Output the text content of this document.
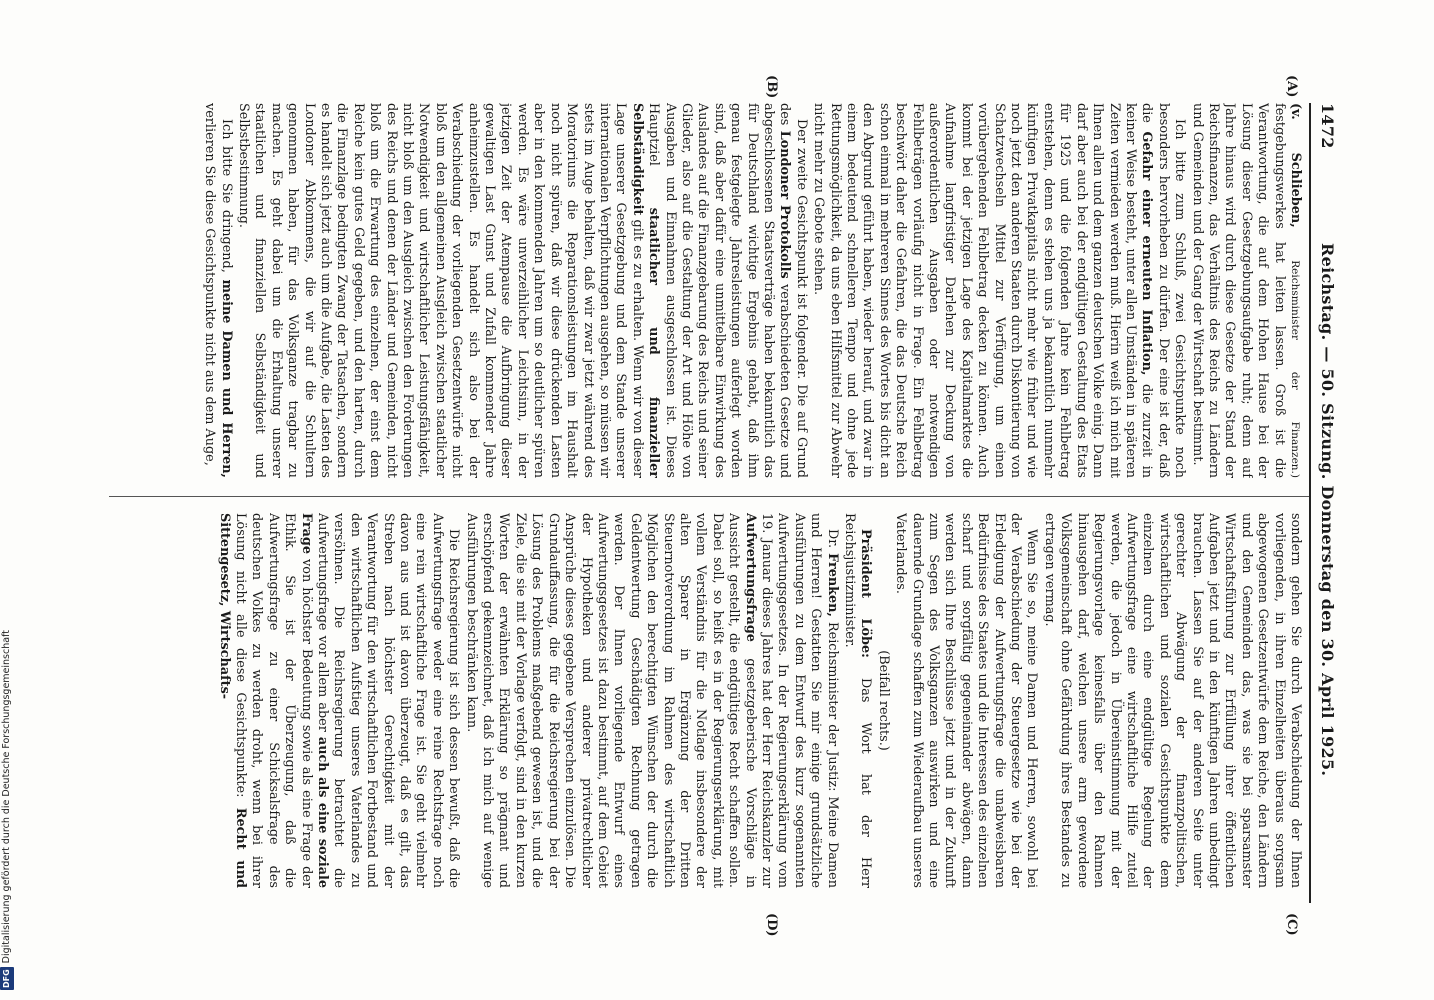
1472
Reichstag. — 50. Sitzung. Donnerstag den 30. April 1925.
(A)
(B)
(C)
(D)

(v. Schlieben, Reichsminister der Finanzen.) festgebungswerkes hat leiten lassen. Groß ist die Verantwortung, die auf dem Hohen Hause bei der Lösung dieser Gesetzgebungsaufgabe ruht; denn auf Jahre hinaus wird durch diese Gesetze der Stand der Reichsfinanzen, das Verhältnis des Reichs zu Ländern und Gemeinden und der Gang der Wirtschaft bestimmt.

Ich bitte zum Schluß, zwei Gesichtspunkte noch besonders hervorheben zu dürfen. Der eine ist der, daß die Gefahr einer erneuten Inflation, die zurzeit in keiner Weise besteht, unter allen Umständen in späteren Zeiten vermieden werden muß. Hierin weiß ich mich mit Ihnen allen und dem ganzen deutschen Volke einig. Dann darf aber auch bei der endgültigen Gestaltung des Etats für 1925 und die folgenden Jahre kein Fehlbetrag entstehen, denn es stehen uns ja bekanntlich nunmehr künftigen Privatkapitals nicht mehr wie früher und wie noch jetzt den anderen Staaten durch Diskontierung von Schatzwechseln Mittel zur Verfügung, um einen vorübergehenden Fehlbetrag decken zu können. Auch kommt bei der jetzigen Lage des Kapitalmarktes die Aufnahme langfristiger Darlehen zur Deckung von außerordentlichen Ausgaben oder notwendigen Fehlbeträgen vorläufig nicht in Frage. Ein Fehlbetrag beschwört daher die Gefahren, die das Deutsche Reich schon einmal in mehreren Sinnes des Wortes bis dicht an den Abgrund geführt haben, wieder herauf, und zwar in einem bedeutend schnelleren Tempo und ohne jede Rettungsmöglichkeit, da uns eben Hilfsmittel zur Abwehr nicht mehr zu Gebote stehen.

Der zweite Gesichtspunkt ist folgender. Die auf Grund des Londoner Protokolls verabschiedeten Gesetze und abgeschlossenen Staatsverträge haben bekanntlich das für Deutschland wichtige Ergebnis gehabt, daß ihm genau festgelegte Jahresleistungen auferlegt worden sind, daß aber dafür eine unmittelbare Einwirkung des Auslandes auf die Finanzgebarung des Reichs und seiner Glieder, also auf die Gestaltung der Art und Höhe von Ausgaben und Einnahmen ausgeschlossen ist. Dieses Hauptziel staatlicher und finanzieller Selbständigkeit gilt es zu erhalten. Wenn wir von dieser Lage unserer Gesetzgebung und dem Stande unserer internationalen Verpflichtungen ausgehen, so müssen wir stets im Auge behalten, daß wir zwar jetzt während des Moratoriums die Reparationsleistungen im Haushalt noch nicht spüren, daß wir diese drückenden Lasten aber in den kommenden Jahren um so deutlicher spüren werden. Es wäre unverzeihlicher Leichtsinn, in der jetzigen Zeit der Atempause die Aufbringung dieser gewaltigen Last Gunst und Zufall kommender Jahre anheimzustellen. Es handelt sich also bei der Verabschiedung der vorliegenden Gesetzentwürfe nicht bloß um den allgemeinen Ausgleich zwischen staatlicher Notwendigkeit und wirtschaftlicher Leistungsfähigkeit, nicht bloß um den Ausgleich zwischen den Forderungen des Reichs und denen der Länder und Gemeinden, nicht bloß um die Erwartung des einzelnen, der einst dem Reiche kein gutes Geld gegeben, und den harten, durch die Finanzlage bedingten Zwang der Tatsachen, sondern es handelt sich jetzt auch um die Aufgabe, die Lasten des Londoner Abkommens, die wir auf die Schultern genommen haben, für das Volksganze tragbar zu machen. Es geht dabei um die Erhaltung unserer staatlichen und finanziellen Selbständigkeit und Selbstbestimmung.

Ich bitte Sie dringend, meine Damen und Herren, verlieren Sie diese Gesichtspunkte nicht aus dem Auge,

sondern gehen Sie durch Verabschiedung der Ihnen vorliegenden, in ihren Einzelheiten überaus sorgsam abgewogenen Gesetzentwürfe dem Reiche, den Ländern und den Gemeinden das, was sie bei sparsamster Wirtschaftsführung zur Erfüllung ihrer öffentlichen Aufgaben jetzt und in den künftigen Jahren unbedingt brauchen. Lassen Sie auf der anderen Seite unter gerechter Abwägung der finanzpolitischen, wirtschaftlichen und sozialen Gesichtspunkte dem einzelnen durch eine endgültige Regelung der Aufwertungsfrage eine wirtschaftliche Hilfe zuteil werden, die jedoch in Übereinstimmung mit der Regierungsvorlage keinesfalls über den Rahmen hinausgehen darf, welchen unsere arm gewordene Volksgemeinschaft ohne Gefährdung ihres Bestandes zu ertragen vermag.

Wenn Sie so, meine Damen und Herren, sowohl bei der Verabschiedung der Steuergesetze wie bei der Erledigung der Aufwertungsfrage die unabweisbaren Bedürfnisse des Staates und die Interessen des einzelnen scharf und sorgfältig gegeneinander abwägen, dann werden sich Ihre Beschlüsse jetzt und in der Zukunft zum Segen des Volksganzen auswirken und eine dauernde Grundlage schaffen zum Wiederaufbau unseres Vaterlandes.

(Beifall rechts.)

Präsident Löbe: Das Wort hat der Herr Reichsjustizminister.

Dr. Frenken, Reichsminister der Justiz: Meine Damen und Herren! Gestatten Sie mir einige grundsätzliche Ausführungen zu dem Entwurf des kurz sogenannten Aufwertungsgesetzes. In der Regierungserklärung vom 19. Januar dieses Jahres hat der Herr Reichskanzler zur Aufwertungsfrage gesetzgeberische Vorschläge in Aussicht gestellt, die endgültiges Recht schaffen sollen. Dabei soll, so heißt es in der Regierungserklärung, mit vollem Verständnis für die Notlage insbesondere der alten Sparer in Ergänzung der Dritten Steuernotverordnung im Rahmen des wirtschaftlich Möglichen den berechtigten Wünschen der durch die Geldentwertung Geschädigten Rechnung getragen werden. Der Ihnen vorliegende Entwurf eines Aufwertungsgesetzes ist dazu bestimmt, auf dem Gebiet der Hypotheken und anderer privatrechtlicher Ansprüche dieses gegebene Versprechen einzulösen. Die Grundauffassung, die für die Reichsregierung bei der Lösung des Problems maßgebend gewesen ist, und die Ziele, die sie mit der Vorlage verfolgt, sind in den kurzen Worten der erwähnten Erklärung so prägnant und erschöpfend gekennzeichnet, daß ich mich auf wenige Ausführungen beschränken kann.

Die Reichsregierung ist sich dessen bewußt, daß die Aufwertungsfrage weder eine reine Rechtsfrage noch eine rein wirtschaftliche Frage ist. Sie geht vielmehr davon aus und ist davon überzeugt, daß es gilt, das Streben nach höchster Gerechtigkeit mit der Verantwortung für den wirtschaftlichen Fortbestand und den wirtschaftlichen Aufstieg unseres Vaterlandes zu versöhnen. Die Reichsregierung betrachtet die Aufwertungsfrage vor allem aber auch als eine soziale Frage von höchster Bedeutung sowie als eine Frage der Ethik. Sie ist der Überzeugung, daß die Aufwertungsfrage zu einer Schicksalsfrage des deutschen Volkes zu werden droht, wenn bei ihrer Lösung nicht alle diese Gesichtspunkte: Recht und Sittengesetz, Wirtschafts-

DFGDigitalisierung gefördert durch die Deutsche Forschungsgemeinschaft
